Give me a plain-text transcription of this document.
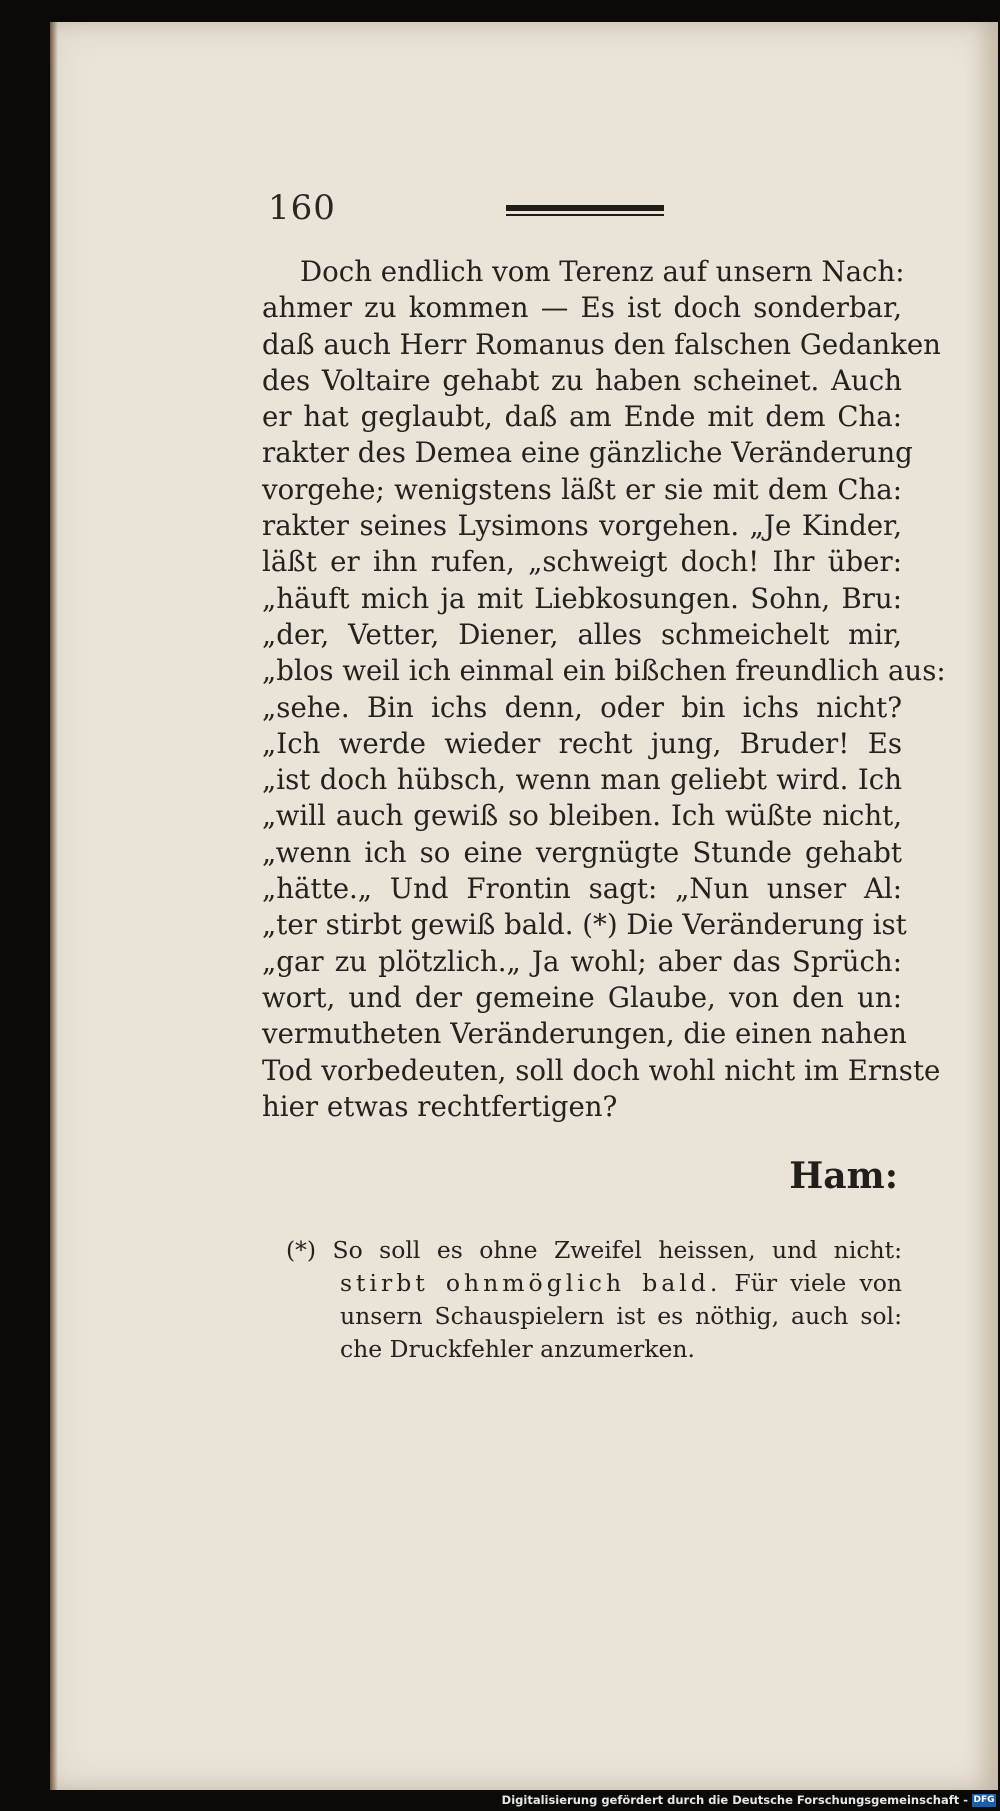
160
Doch endlich vom Terenz auf unsern Nach:
ahmer zu kommen — Es ist doch sonderbar,
daß auch Herr Romanus den falschen Gedanken
des Voltaire gehabt zu haben scheinet. Auch
er hat geglaubt, daß am Ende mit dem Cha:
rakter des Demea eine gänzliche Veränderung
vorgehe; wenigstens läßt er sie mit dem Cha:
rakter seines Lysimons vorgehen. „Je Kinder,
läßt er ihn rufen, „schweigt doch! Ihr über:
„häuft mich ja mit Liebkosungen. Sohn, Bru:
„der, Vetter, Diener, alles schmeichelt mir,
„blos weil ich einmal ein bißchen freundlich aus:
„sehe. Bin ichs denn, oder bin ichs nicht?
„Ich werde wieder recht jung, Bruder! Es
„ist doch hübsch, wenn man geliebt wird. Ich
„will auch gewiß so bleiben. Ich wüßte nicht,
„wenn ich so eine vergnügte Stunde gehabt
„hätte.„ Und Frontin sagt: „Nun unser Al:
„ter stirbt gewiß bald. (*) Die Veränderung ist
„gar zu plötzlich.„ Ja wohl; aber das Sprüch:
wort, und der gemeine Glaube, von den un:
vermutheten Veränderungen, die einen nahen
Tod vorbedeuten, soll doch wohl nicht im Ernste
hier etwas rechtfertigen?
Ham:
(*) So soll es ohne Zweifel heissen, und nicht:
stirbt ohnmöglich bald. Für viele von
unsern Schauspielern ist es nöthig, auch sol:
che Druckfehler anzumerken.
Digitalisierung gefördert durch die Deutsche Forschungsgemeinschaft - DFG
